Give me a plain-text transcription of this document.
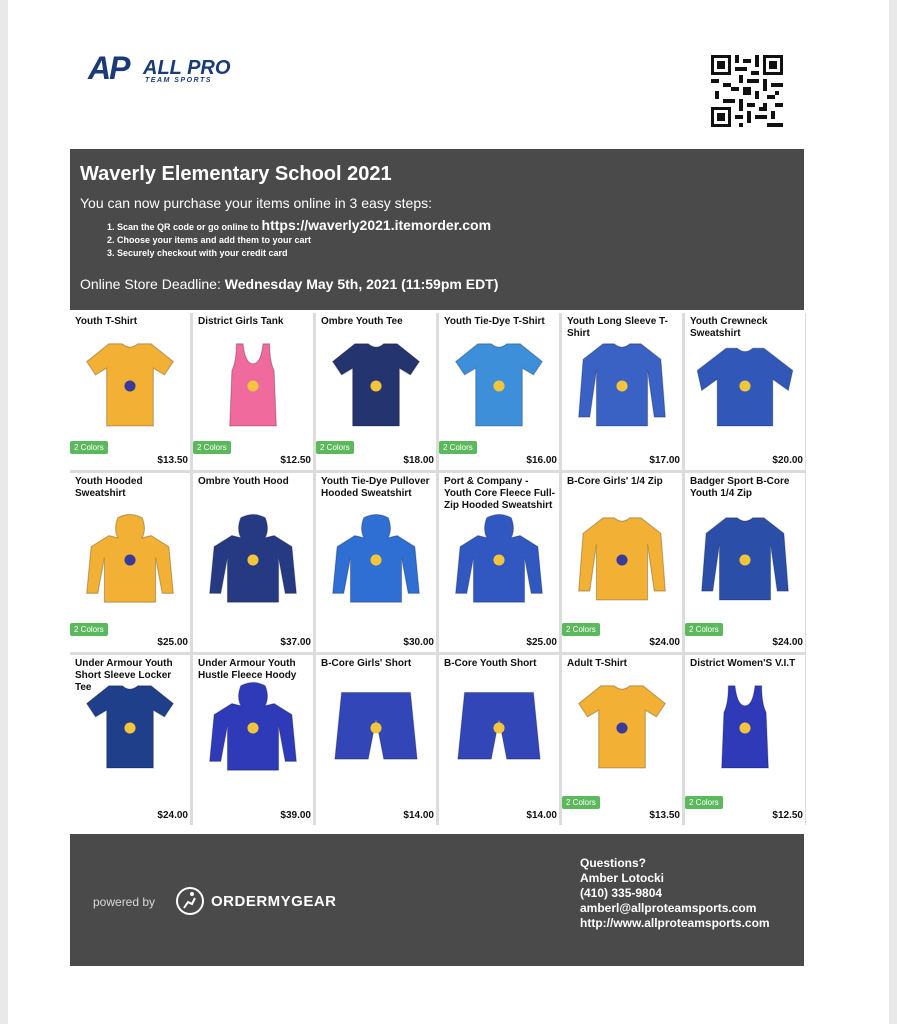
AP ALL PRO
TEAM SPORTS
Waverly Elementary School 2021
You can now purchase your items online in 3 easy steps:
1. Scan the QR code or go online to https://waverly2021.itemorder.com
2. Choose your items and add them to your cart
3. Securely checkout with your credit card
Online Store Deadline: Wednesday May 5th, 2021 (11:59pm EDT)
Youth T-Shirt
2 Colors
$13.50
District Girls Tank
2 Colors
$12.50
Ombre Youth Tee
2 Colors
$18.00
Youth Tie-Dye T-Shirt
2 Colors
$16.00
Youth Long Sleeve T-Shirt
$17.00
Youth Crewneck Sweatshirt
$20.00
Youth Hooded Sweatshirt
2 Colors
$25.00
Ombre Youth Hood
$37.00
Youth Tie-Dye Pullover Hooded Sweatshirt
$30.00
Port & Company - Youth Core Fleece Full-Zip Hooded Sweatshirt
$25.00
B-Core Girls' 1/4 Zip
2 Colors
$24.00
Badger Sport B-Core Youth 1/4 Zip
2 Colors
$24.00
Under Armour Youth Short Sleeve Locker Tee
$24.00
Under Armour Youth Hustle Fleece Hoody
$39.00
B-Core Girls' Short
$14.00
B-Core Youth Short
$14.00
Adult T-Shirt
2 Colors
$13.50
District Women'S V.I.T
2 Colors
$12.50
powered by	ORDERMYGEAR
Questions?
Amber Lotocki
(410) 335-9804
amberl@allproteamsports.com
http://www.allproteamsports.com
